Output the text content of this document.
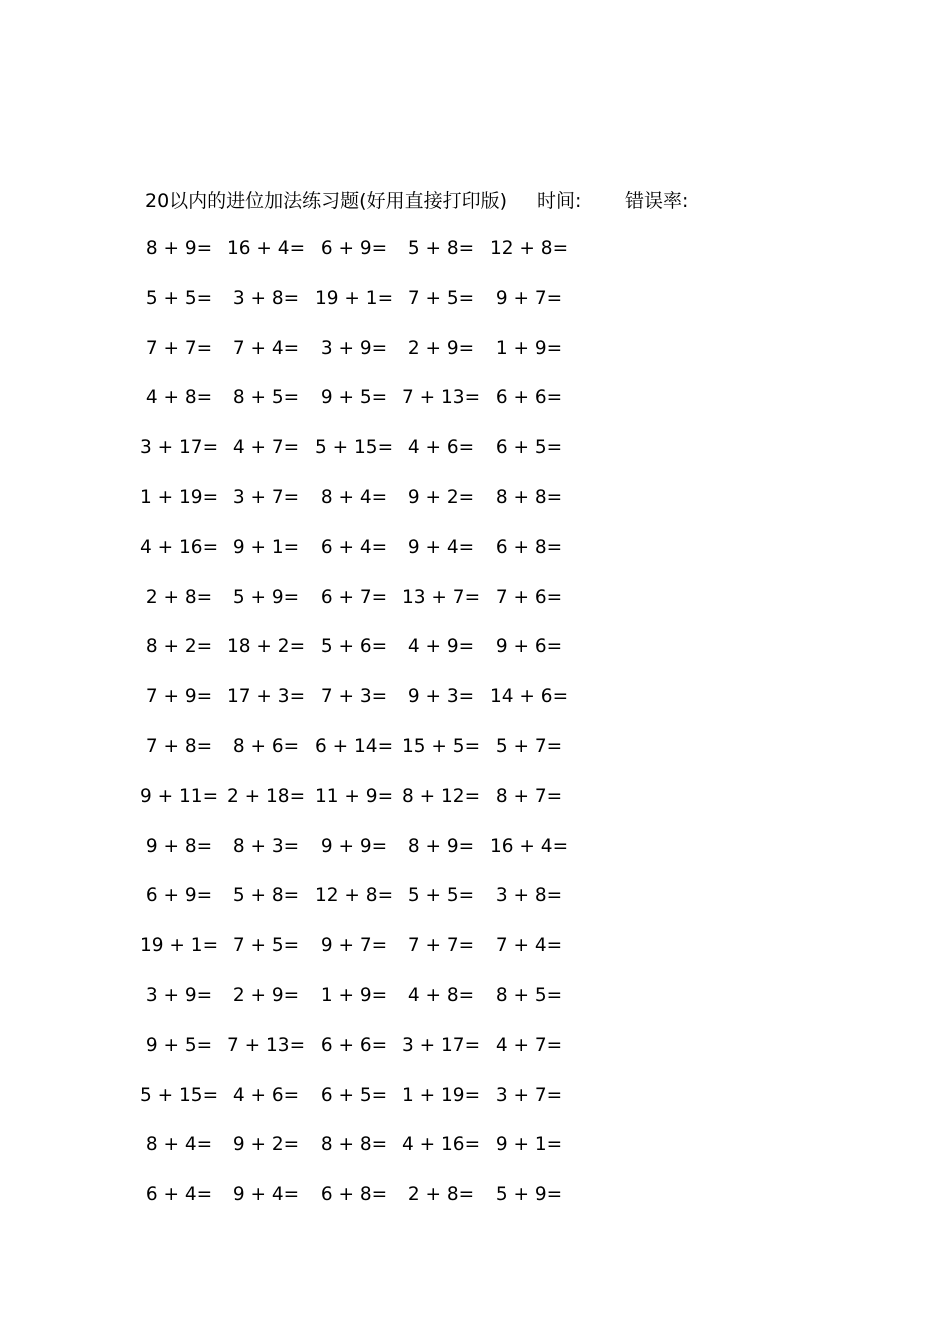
20以内的进位加法练习题(好用直接打印版) 时间: 错误率:
8 + 9= 16 + 4= 6 + 9=	5 + 8= 12 + 8=
5 + 5=	3 + 8= 19 + 1= 7 + 5=	9 + 7=
7 + 7=	7 + 4=	3 + 9=	2 + 9=	1 + 9=
4 + 8=	8 + 5=	9 + 5= 7 + 13= 6 + 6=
3 + 17= 4 + 7= 5 + 15= 4 + 6=	6 + 5=
1 + 19= 3 + 7=	8 + 4=	9 + 2=	8 + 8=
4 + 16= 9 + 1=	6 + 4=	9 + 4=	6 + 8=
2 + 8=	5 + 9=	6 + 7= 13 + 7= 7 + 6=
8 + 2= 18 + 2= 5 + 6=	4 + 9=	9 + 6=
7 + 9= 17 + 3= 7 + 3=	9 + 3= 14 + 6=
7 + 8=	8 + 6= 6 + 14= 15 + 5= 5 + 7=
9 + 11= 2 + 18= 11 + 9= 8 + 12= 8 + 7=
9 + 8=	8 + 3=	9 + 9=	8 + 9= 16 + 4=
6 + 9=	5 + 8= 12 + 8= 5 + 5=	3 + 8=
19 + 1= 7 + 5=	9 + 7=	7 + 7=	7 + 4=
3 + 9=	2 + 9=	1 + 9=	4 + 8=	8 + 5=
9 + 5= 7 + 13= 6 + 6= 3 + 17= 4 + 7=
5 + 15= 4 + 6=	6 + 5= 1 + 19= 3 + 7=
8 + 4=	9 + 2=	8 + 8= 4 + 16= 9 + 1=
6 + 4=	9 + 4=	6 + 8=	2 + 8=	5 + 9=
